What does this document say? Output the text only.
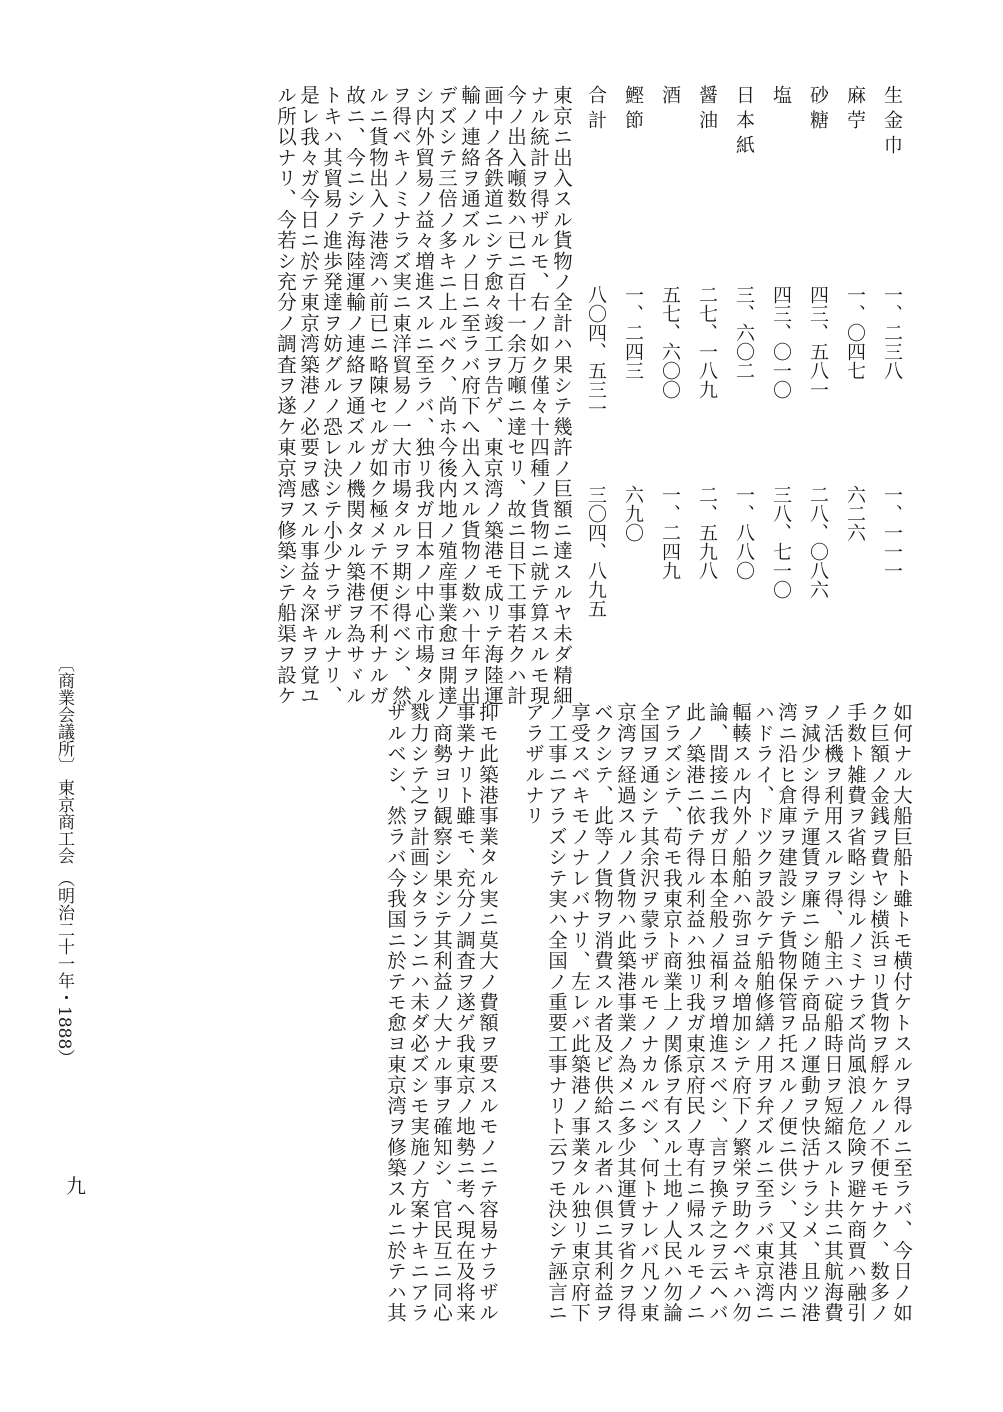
生金巾
一、二三八
一、一一一
麻苧
一、〇四七
六二六
砂糖
四三、五八一
二八、〇八六
塩
四三、〇一〇
三八、七一〇
日本紙
三、六〇二
一、八八〇
醤油
二七、一八九
二、五九八
酒
五七、六〇〇
一、二四九
鰹節
一、二四三
六九〇
合計
八〇四、五三一
三〇四、八九五
東京ニ出入スル貨物ノ全計ハ果シテ幾許ノ巨額ニ達スルヤ未ダ精細
ナル統計ヲ得ザルモ、右ノ如ク僅々十四種ノ貨物ニ就テ算スルモ現
今ノ出入噸数ハ已ニ百十一余万噸ニ達セリ、故ニ目下工事若クハ計
画中ノ各鉄道ニシテ愈々竣工ヲ告ゲ、東京湾ノ築港モ成リテ海陸運
輸ノ連絡ヲ通ズルノ日ニ至ラバ府下へ出入スル貨物ノ数ハ十年ヲ出
デズシテ三倍ノ多キニ上ルベク、尚ホ今後内地ノ殖産事業愈ヨ開達
シ内外貿易ノ益々増進スルニ至ラバ、独リ我ガ日本ノ中心市場タル
ヲ得ベキノミナラズ実ニ東洋貿易ノ一大市場タルヲ期シ得ベシ、然
ルニ貨物出入ノ港湾ハ前已ニ略陳セルガ如ク極メテ不便不利ナルガ
故ニ、今ニシテ海陸運輸ノ連絡ヲ通ズルノ機関タル築港ヲ為サヾル
トキハ其貿易ノ進歩発達ヲ妨グルノ恐レ決シテ小少ナラザルナリ、
是レ我々ガ今日ニ於テ東京湾築港ノ必要ヲ感スル事益々深キヲ覚ユ
ル所以ナリ、今若シ充分ノ調査ヲ遂ケ東京湾ヲ修築シテ船渠ヲ設ケ
〔商業会議所〕 東京商工会 （明治二十一年・1888）	如何ナル大船巨船ト雖トモ横付ケトスルヲ得ルニ至ラバ、今日ノ如
ク巨額ノ金銭ヲ費ヤシ横浜ヨリ貨物ヲ艀ケルノ不便モナク、数多ノ
手数ト雑費ヲ省略シ得ルノミナラズ尚風浪ノ危険ヲ避ケ商賈ハ融引
ノ活機ヲ利用スルヲ得、船主ハ碇船時日ヲ短縮スルト共ニ其航海費
ヲ減少シ得テ運賃ヲ廉ニシ随テ商品ノ運動ヲ快活ナラシメ、且ツ港
湾ニ沿ヒ倉庫ヲ建設シテ貨物保管ヲ托スルノ便ニ供シ、又其港内ニ
ハドライ、ドツクヲ設ケテ船舶修繕ノ用ヲ弁ズルニ至ラバ東京湾ニ
輻輳スル内外ノ船舶ハ弥ヨ益々増加シテ府下ノ繁栄ヲ助クベキハ勿
論、間接ニ我ガ日本全般ノ福利ヲ増進スベシ、言ヲ換テ之ヲ云ヘバ
此ノ築港ニ依テ得ル利益ハ独リ我ガ東京府民ノ専有ニ帰スルモノニ
アラズシテ、苟モ我東京ト商業上ノ関係ヲ有スル土地ノ人民ハ勿論
全国ヲ通シテ其余沢ヲ蒙ラザルモノナカルベシ、何トナレバ凡ソ東
京湾ヲ経過スルノ貨物ハ此築港事業ノ為メニ多少其運賃ヲ省クヲ得
ベクシテ、此等ノ貨物ヲ消費スル者及ビ供給スル者ハ倶ニ其利益ヲ
享受スベキモノナレバナリ、左レバ此築港ノ事業タル独リ東京府下
ノ工事ニアラズシテ実ハ全国ノ重要工事ナリト云フモ決シテ誣言ニ
アラザルナリ
抑モ此築港事業タル実ニ莫大ノ費額ヲ要スルモノニテ容易ナラザル
事業ナリト雖モ、充分ノ調査ヲ遂ゲ我東京ノ地勢ニ考ヘ現在及将来
ノ商勢ヨリ観察シ果シテ其利益ノ大ナル事ヲ確知シ、官民互ニ同心
戮力シテ之ヲ計画シタランニハ未ダ必ズシモ実施ノ方案ナキニアラ
ザルベシ、然ラバ今我国ニ於テモ愈ヨ東京湾ヲ修築スルニ於テハ其
九
